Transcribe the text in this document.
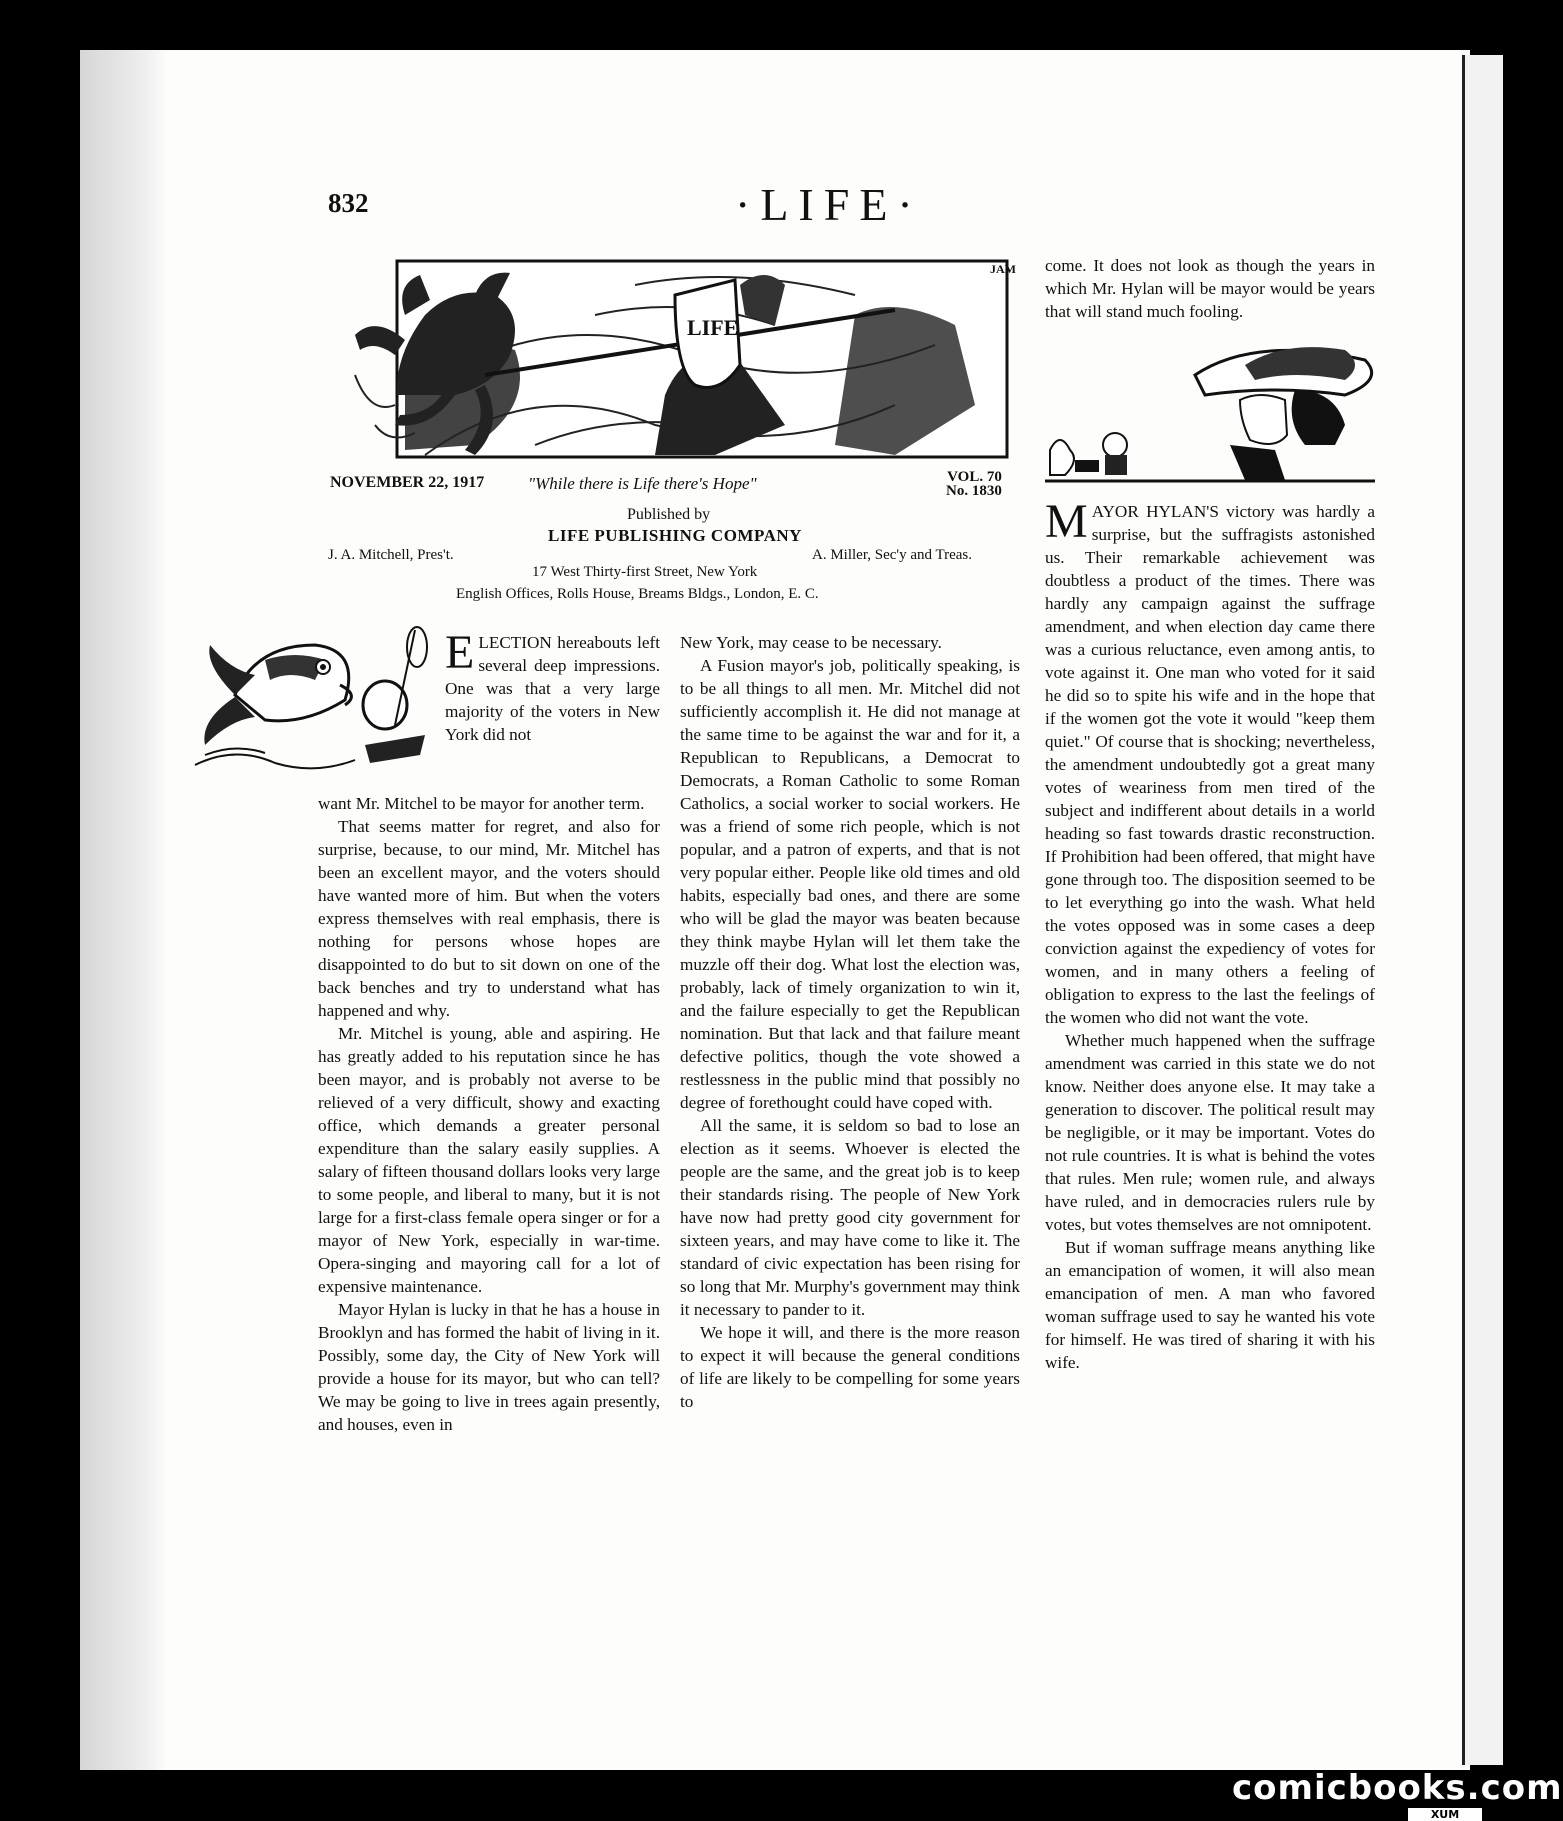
832	·LIFE·
LIFE
JAM
NOVEMBER 22, 1917	"While there is Life there's Hope"	VOL. 70
No. 1830
Published by
LIFE PUBLISHING COMPANY
J. A. Mitchell, Pres't.	A. Miller, Sec'y and Treas.
17 West Thirty-first Street, New York
English Offices, Rolls House, Breams Bldgs., London, E. C.

ELECTION hereabouts left several deep impressions. One was that a very large majority of the voters in New York did not

want Mr. Mitchel to be mayor for another term.

That seems matter for regret, and also for surprise, because, to our mind, Mr. Mitchel has been an excellent mayor, and the voters should have wanted more of him. But when the voters express themselves with real emphasis, there is nothing for persons whose hopes are disappointed to do but to sit down on one of the back benches and try to understand what has happened and why.

Mr. Mitchel is young, able and aspiring. He has greatly added to his reputation since he has been mayor, and is probably not averse to be relieved of a very difficult, showy and exacting office, which demands a greater personal expenditure than the salary easily supplies. A salary of fifteen thousand dollars looks very large to some people, and liberal to many, but it is not large for a first-class female opera singer or for a mayor of New York, especially in war-time. Opera-singing and mayoring call for a lot of expensive maintenance.

Mayor Hylan is lucky in that he has a house in Brooklyn and has formed the habit of living in it. Possibly, some day, the City of New York will provide a house for its mayor, but who can tell? We may be going to live in trees again presently, and houses, even in

New York, may cease to be necessary.

A Fusion mayor's job, politically speaking, is to be all things to all men. Mr. Mitchel did not sufficiently accomplish it. He did not manage at the same time to be against the war and for it, a Republican to Republicans, a Democrat to Democrats, a Roman Catholic to some Roman Catholics, a social worker to social workers. He was a friend of some rich people, which is not popular, and a patron of experts, and that is not very popular either. People like old times and old habits, especially bad ones, and there are some who will be glad the mayor was beaten because they think maybe Hylan will let them take the muzzle off their dog. What lost the election was, probably, lack of timely organization to win it, and the failure especially to get the Republican nomination. But that lack and that failure meant defective politics, though the vote showed a restlessness in the public mind that possibly no degree of forethought could have coped with.

All the same, it is seldom so bad to lose an election as it seems. Whoever is elected the people are the same, and the great job is to keep their standards rising. The people of New York have now had pretty good city government for sixteen years, and may have come to like it. The standard of civic expectation has been rising for so long that Mr. Murphy's government may think it necessary to pander to it.

We hope it will, and there is the more reason to expect it will because the general conditions of life are likely to be compelling for some years to

come. It does not look as though the years in which Mr. Hylan will be mayor would be years that will stand much fooling.

MAYOR HYLAN'S victory was hardly a surprise, but the suffragists astonished us. Their remarkable achievement was doubtless a product of the times. There was hardly any campaign against the suffrage amendment, and when election day came there was a curious reluctance, even among antis, to vote against it. One man who voted for it said he did so to spite his wife and in the hope that if the women got the vote it would "keep them quiet." Of course that is shocking; nevertheless, the amendment undoubtedly got a great many votes of weariness from men tired of the subject and indifferent about details in a world heading so fast towards drastic reconstruction. If Prohibition had been offered, that might have gone through too. The disposition seemed to be to let everything go into the wash. What held the votes opposed was in some cases a deep conviction against the expediency of votes for women, and in many others a feeling of obligation to express to the last the feelings of the women who did not want the vote.

Whether much happened when the suffrage amendment was carried in this state we do not know. Neither does anyone else. It may take a generation to discover. The political result may be negligible, or it may be important. Votes do not rule countries. It is what is behind the votes that rules. Men rule; women rule, and always have ruled, and in democracies rulers rule by votes, but votes themselves are not omnipotent.

But if woman suffrage means anything like an emancipation of women, it will also mean emancipation of men. A man who favored woman suffrage used to say he wanted his vote for himself. He was tired of sharing it with his wife.

comicbooks.com
XUM
